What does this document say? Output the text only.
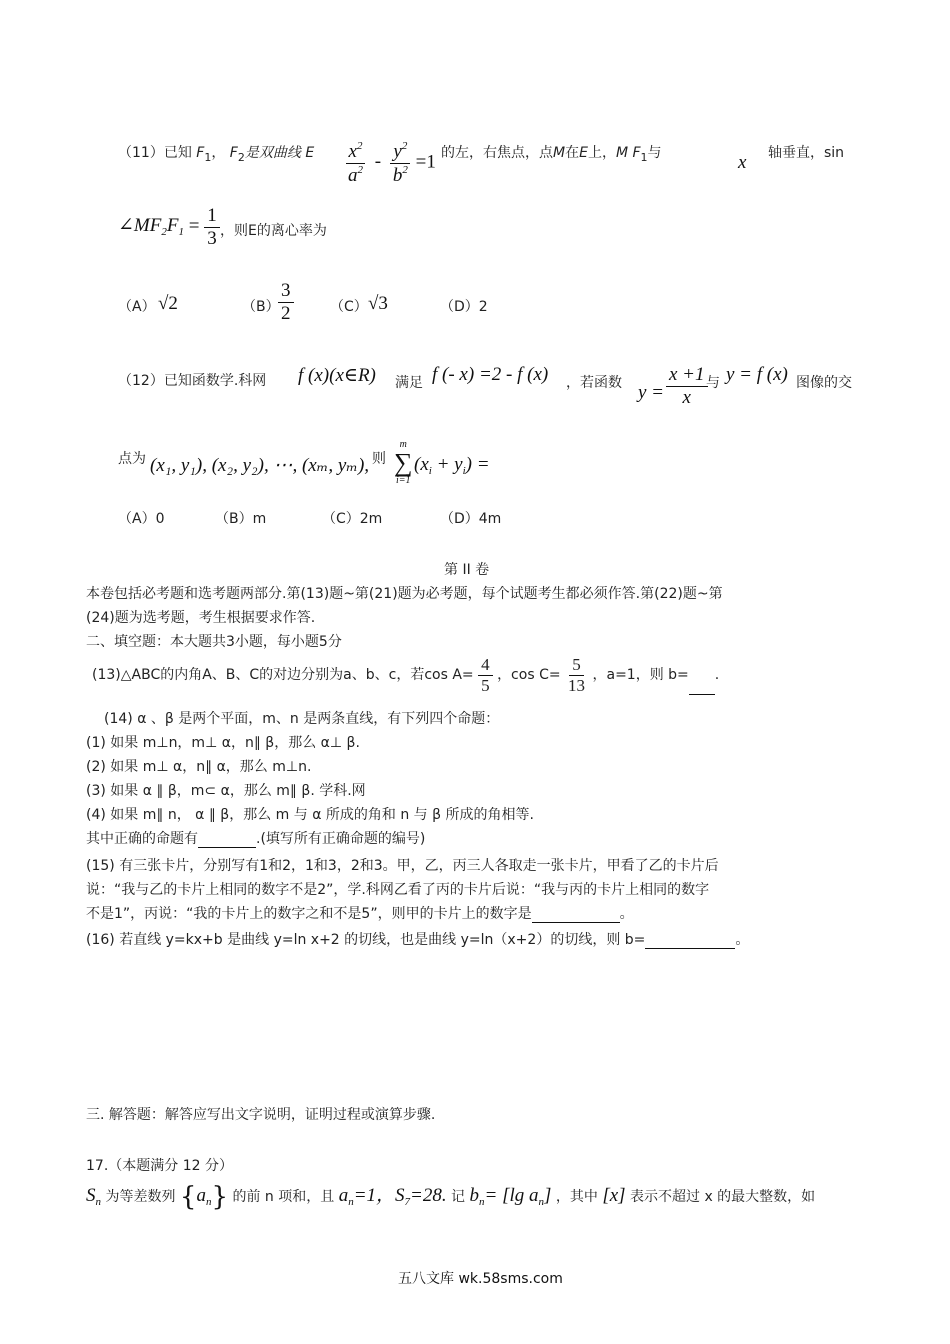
（11）已知 $F_1$， $F_2$是双曲线 E $\frac{x^2}{a^2} - \frac{y^2}{b^2} =1$ 的左，右焦点，点M在E上，M $F_1$与	x 轴垂直，sin
$\angle MF_2F_1 = \frac{1}{3}$ ，则E的离心率为
（A） √2	（B）
$\frac{3}{2}$	（C） √3	（D）2
（12）已知函数学.科网 f (x)(x∈R) 满足 f (- x) =2 - f (x) ，若函数 $y = \frac{x +1}{x}$
与 y = f (x) 图像的交
点为 (x₁, y₁), (x₂, y₂), ⋯, (xₘ, yₘ), 则
m
∑
i=1
$(x_i + y_i)$ =
（A）0	（B）m	（C）2m	（D）4m
第 II 卷
本卷包括必考题和选考题两部分.第(13)题~第(21)题为必考题，每个试题考生都必须作答.第(22)题~第
(24)题为选考题，考生根据要求作答.
二、填空题：本大题共3小题，每小题5分
(13)△ABC的内角A、B、C的对边分别为a、b、c，若$\cos A= \frac{4}{5}$ ，$\cos C= \frac{5}{13}$ ，a=1，则 b= .
(14) α 、β 是两个平面，m、n 是两条直线，有下列四个命题：
(1) 如果 m⊥n，m⊥ α，n∥ β，那么 α⊥ β.
(2) 如果 m⊥ α，n∥ α，那么 m⊥n.
(3) 如果 α ∥ β，m⊂ α，那么 m∥ β. 学科.网
(4) 如果 m∥ n， α ∥ β，那么 m 与 α 所成的角和 n 与 β 所成的角相等.
其中正确的命题有	.(填写所有正确命题的编号)
(15) 有三张卡片，分别写有1和2，1和3，2和3。甲，乙，丙三人各取走一张卡片，甲看了乙的卡片后
说：“我与乙的卡片上相同的数字不是2”，学.科网乙看了丙的卡片后说：“我与丙的卡片上相同的数字
不是1”，丙说：“我的卡片上的数字之和不是5”，则甲的卡片上的数字是	。
(16) 若直线 y=kx+b 是曲线 y=ln x+2 的切线，也是曲线 y=ln（x+2）的切线，则 b=	。
三. 解答题：解答应写出文字说明，证明过程或演算步骤.
17.（本题满分 12 分）
$S_n$ 为等差数列 $\{a_n\}$ 的前 n 项和，且 $a_n=1$，$S_7=28$. 记 $b_n= [\lg$ $a_n$] ，其中 [x] 表示不超过 x 的最大整数，如
五八文库 wk.58sms.com
